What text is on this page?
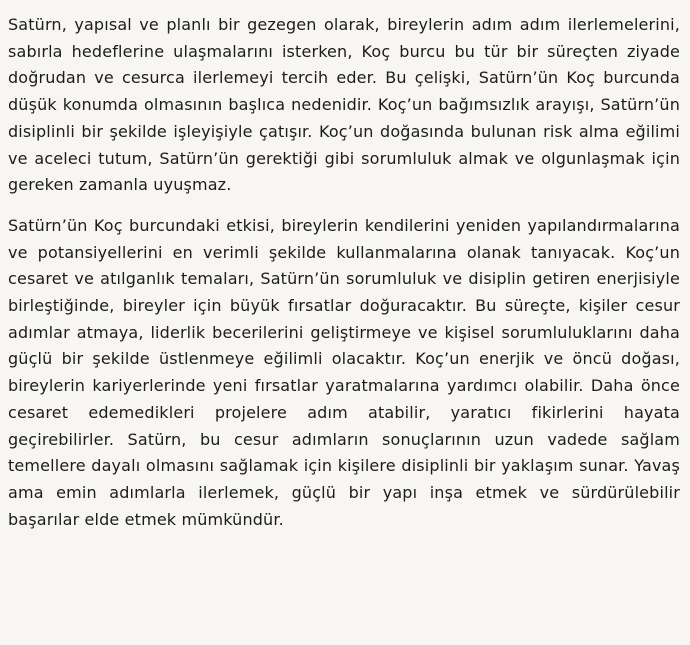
Satürn, yapısal ve planlı bir gezegen olarak, bireylerin adım adım ilerlemelerini, sabırla hedeflerine ulaşmalarını isterken, Koç burcu bu tür bir süreçten ziyade doğrudan ve cesurca ilerlemeyi tercih eder. Bu çelişki, Satürn’ün Koç burcunda düşük konumda olmasının başlıca nedenidir. Koç’un bağımsızlık arayışı, Satürn’ün disiplinli bir şekilde işleyişiyle çatışır. Koç’un doğasında bulunan risk alma eğilimi ve aceleci tutum, Satürn’ün gerektiği gibi sorumluluk almak ve olgunlaşmak için gereken zamanla uyuşmaz.

Satürn’ün Koç burcundaki etkisi, bireylerin kendilerini yeniden yapılandırmalarına ve potansiyellerini en verimli şekilde kullanmalarına olanak tanıyacak. Koç’un cesaret ve atılganlık temaları, Satürn’ün sorumluluk ve disiplin getiren enerjisiyle birleştiğinde, bireyler için büyük fırsatlar doğuracaktır. Bu süreçte, kişiler cesur adımlar atmaya, liderlik becerilerini geliştirmeye ve kişisel sorumluluklarını daha güçlü bir şekilde üstlenmeye eğilimli olacaktır. Koç’un enerjik ve öncü doğası, bireylerin kariyerlerinde yeni fırsatlar yaratmalarına yardımcı olabilir. Daha önce cesaret edemedikleri projelere adım atabilir, yaratıcı fikirlerini hayata geçirebilirler. Satürn, bu cesur adımların sonuçlarının uzun vadede sağlam temellere dayalı olmasını sağlamak için kişilere disiplinli bir yaklaşım sunar. Yavaş ama emin adımlarla ilerlemek, güçlü bir yapı inşa etmek ve sürdürülebilir başarılar elde etmek mümkündür.
